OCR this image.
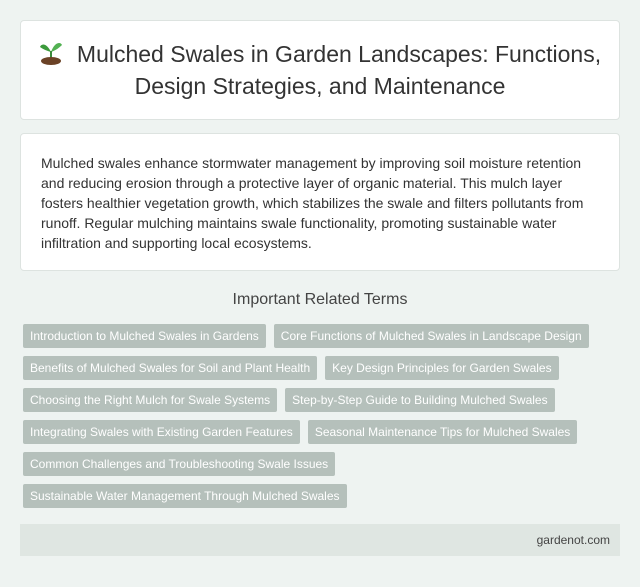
Mulched Swales in Garden Landscapes: Functions, Design Strategies, and Maintenance

Mulched swales enhance stormwater management by improving soil moisture retention and reducing erosion through a protective layer of organic material. This mulch layer fosters healthier vegetation growth, which stabilizes the swale and filters pollutants from runoff. Regular mulching maintains swale functionality, promoting sustainable water infiltration and supporting local ecosystems.

Important Related Terms
Introduction to Mulched Swales in Gardens	Core Functions of Mulched Swales in Landscape Design
Benefits of Mulched Swales for Soil and Plant Health	Key Design Principles for Garden Swales
Choosing the Right Mulch for Swale Systems	Step-by-Step Guide to Building Mulched Swales
Integrating Swales with Existing Garden Features	Seasonal Maintenance Tips for Mulched Swales
Common Challenges and Troubleshooting Swale Issues
Sustainable Water Management Through Mulched Swales
gardenot.com
